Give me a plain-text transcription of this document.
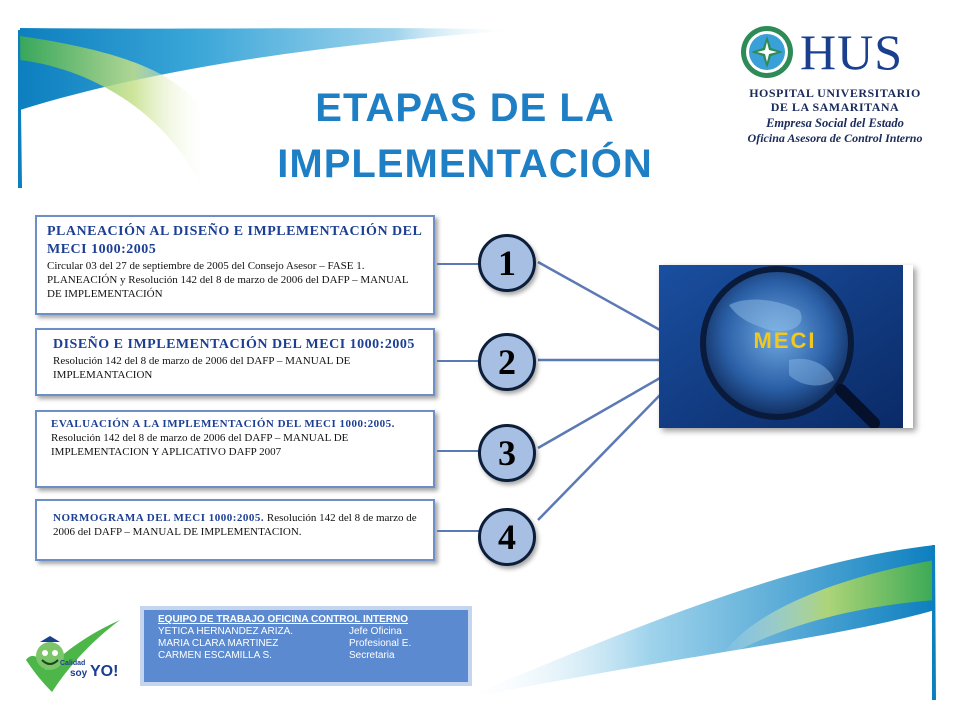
ETAPAS DE LA
IMPLEMENTACIÓN
HUS
HOSPITAL UNIVERSITARIO
DE LA SAMARITANA
Empresa Social del Estado
Oficina Asesora de Control Interno
PLANEACIÓN AL DISEÑO E IMPLEMENTACIÓN DEL MECI 1000:2005
Circular 03 del 27 de septiembre de 2005 del Consejo Asesor – FASE 1. PLANEACIÓN y Resolución 142 del 8 de marzo de 2006 del DAFP – MANUAL DE IMPLEMENTACIÓN
DISEÑO E IMPLEMENTACIÓN DEL MECI 1000:2005 Resolución 142 del 8 de marzo de 2006 del DAFP – MANUAL DE IMPLEMANTACION
EVALUACIÓN A LA IMPLEMENTACIÓN DEL MECI 1000:2005. Resolución 142 del 8 de marzo de 2006 del DAFP – MANUAL DE IMPLEMENTACION Y APLICATIVO DAFP 2007
NORMOGRAMA DEL MECI 1000:2005. Resolución 142 del 8 de marzo de 2006 del DAFP – MANUAL DE IMPLEMENTACION.
1
2
3
4
MECI
Calidad
soy YO!
EQUIPO DE TRABAJO OFICINA CONTROL INTERNO
YETICA HERNANDEZ ARIZA.	Jefe Oficina
MARIA CLARA MARTINEZ	Profesional E.
CARMEN ESCAMILLA S.	Secretaria
